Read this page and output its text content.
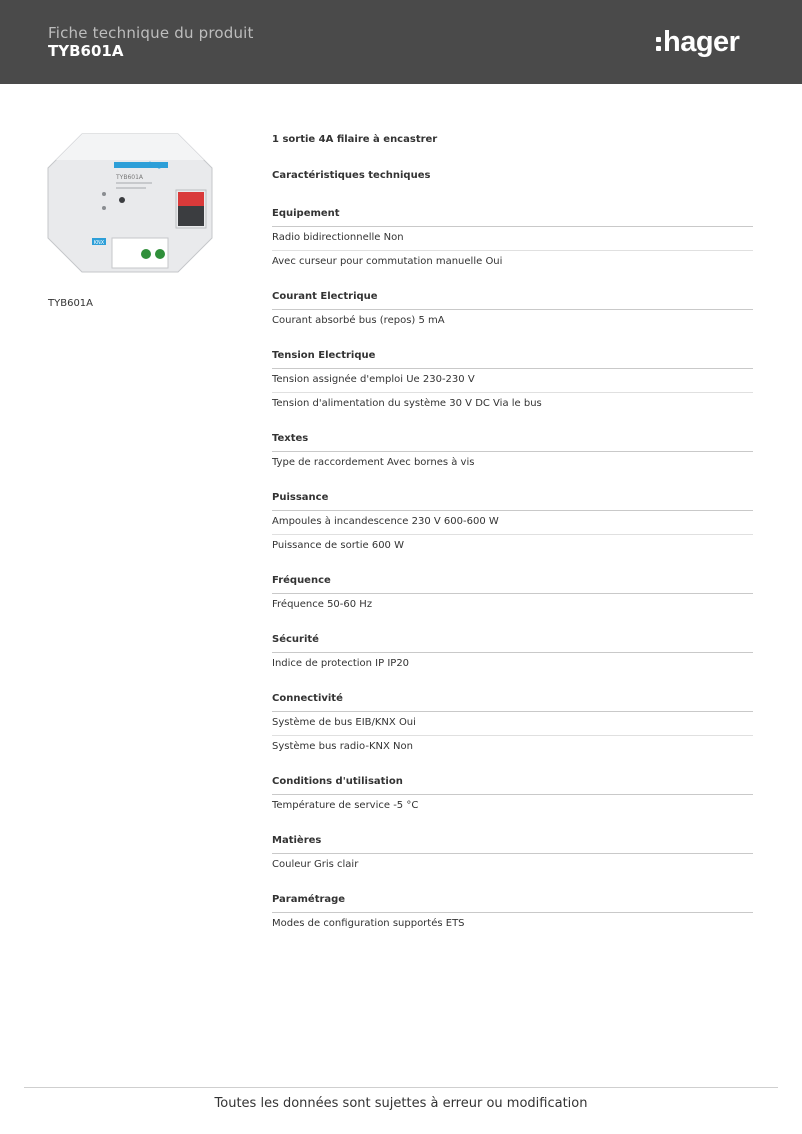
Fiche technique du produit
TYB601A	hager
hager
TYB601A
KNX
TYB601A
1 sortie 4A filaire à encastrer
Caractéristiques techniques
Equipement
Radio bidirectionnelle Non
Avec curseur pour commutation manuelle Oui
Courant Electrique
Courant absorbé bus (repos) 5 mA
Tension Electrique
Tension assignée d'emploi Ue 230-230 V
Tension d'alimentation du système 30 V DC Via le bus
Textes
Type de raccordement Avec bornes à vis
Puissance
Ampoules à incandescence 230 V 600-600 W
Puissance de sortie 600 W
Fréquence
Fréquence 50-60 Hz
Sécurité
Indice de protection IP IP20
Connectivité
Système de bus EIB/KNX Oui
Système bus radio-KNX Non
Conditions d'utilisation
Température de service -5 °C
Matières
Couleur Gris clair
Paramétrage
Modes de configuration supportés ETS
Toutes les données sont sujettes à erreur ou modification
